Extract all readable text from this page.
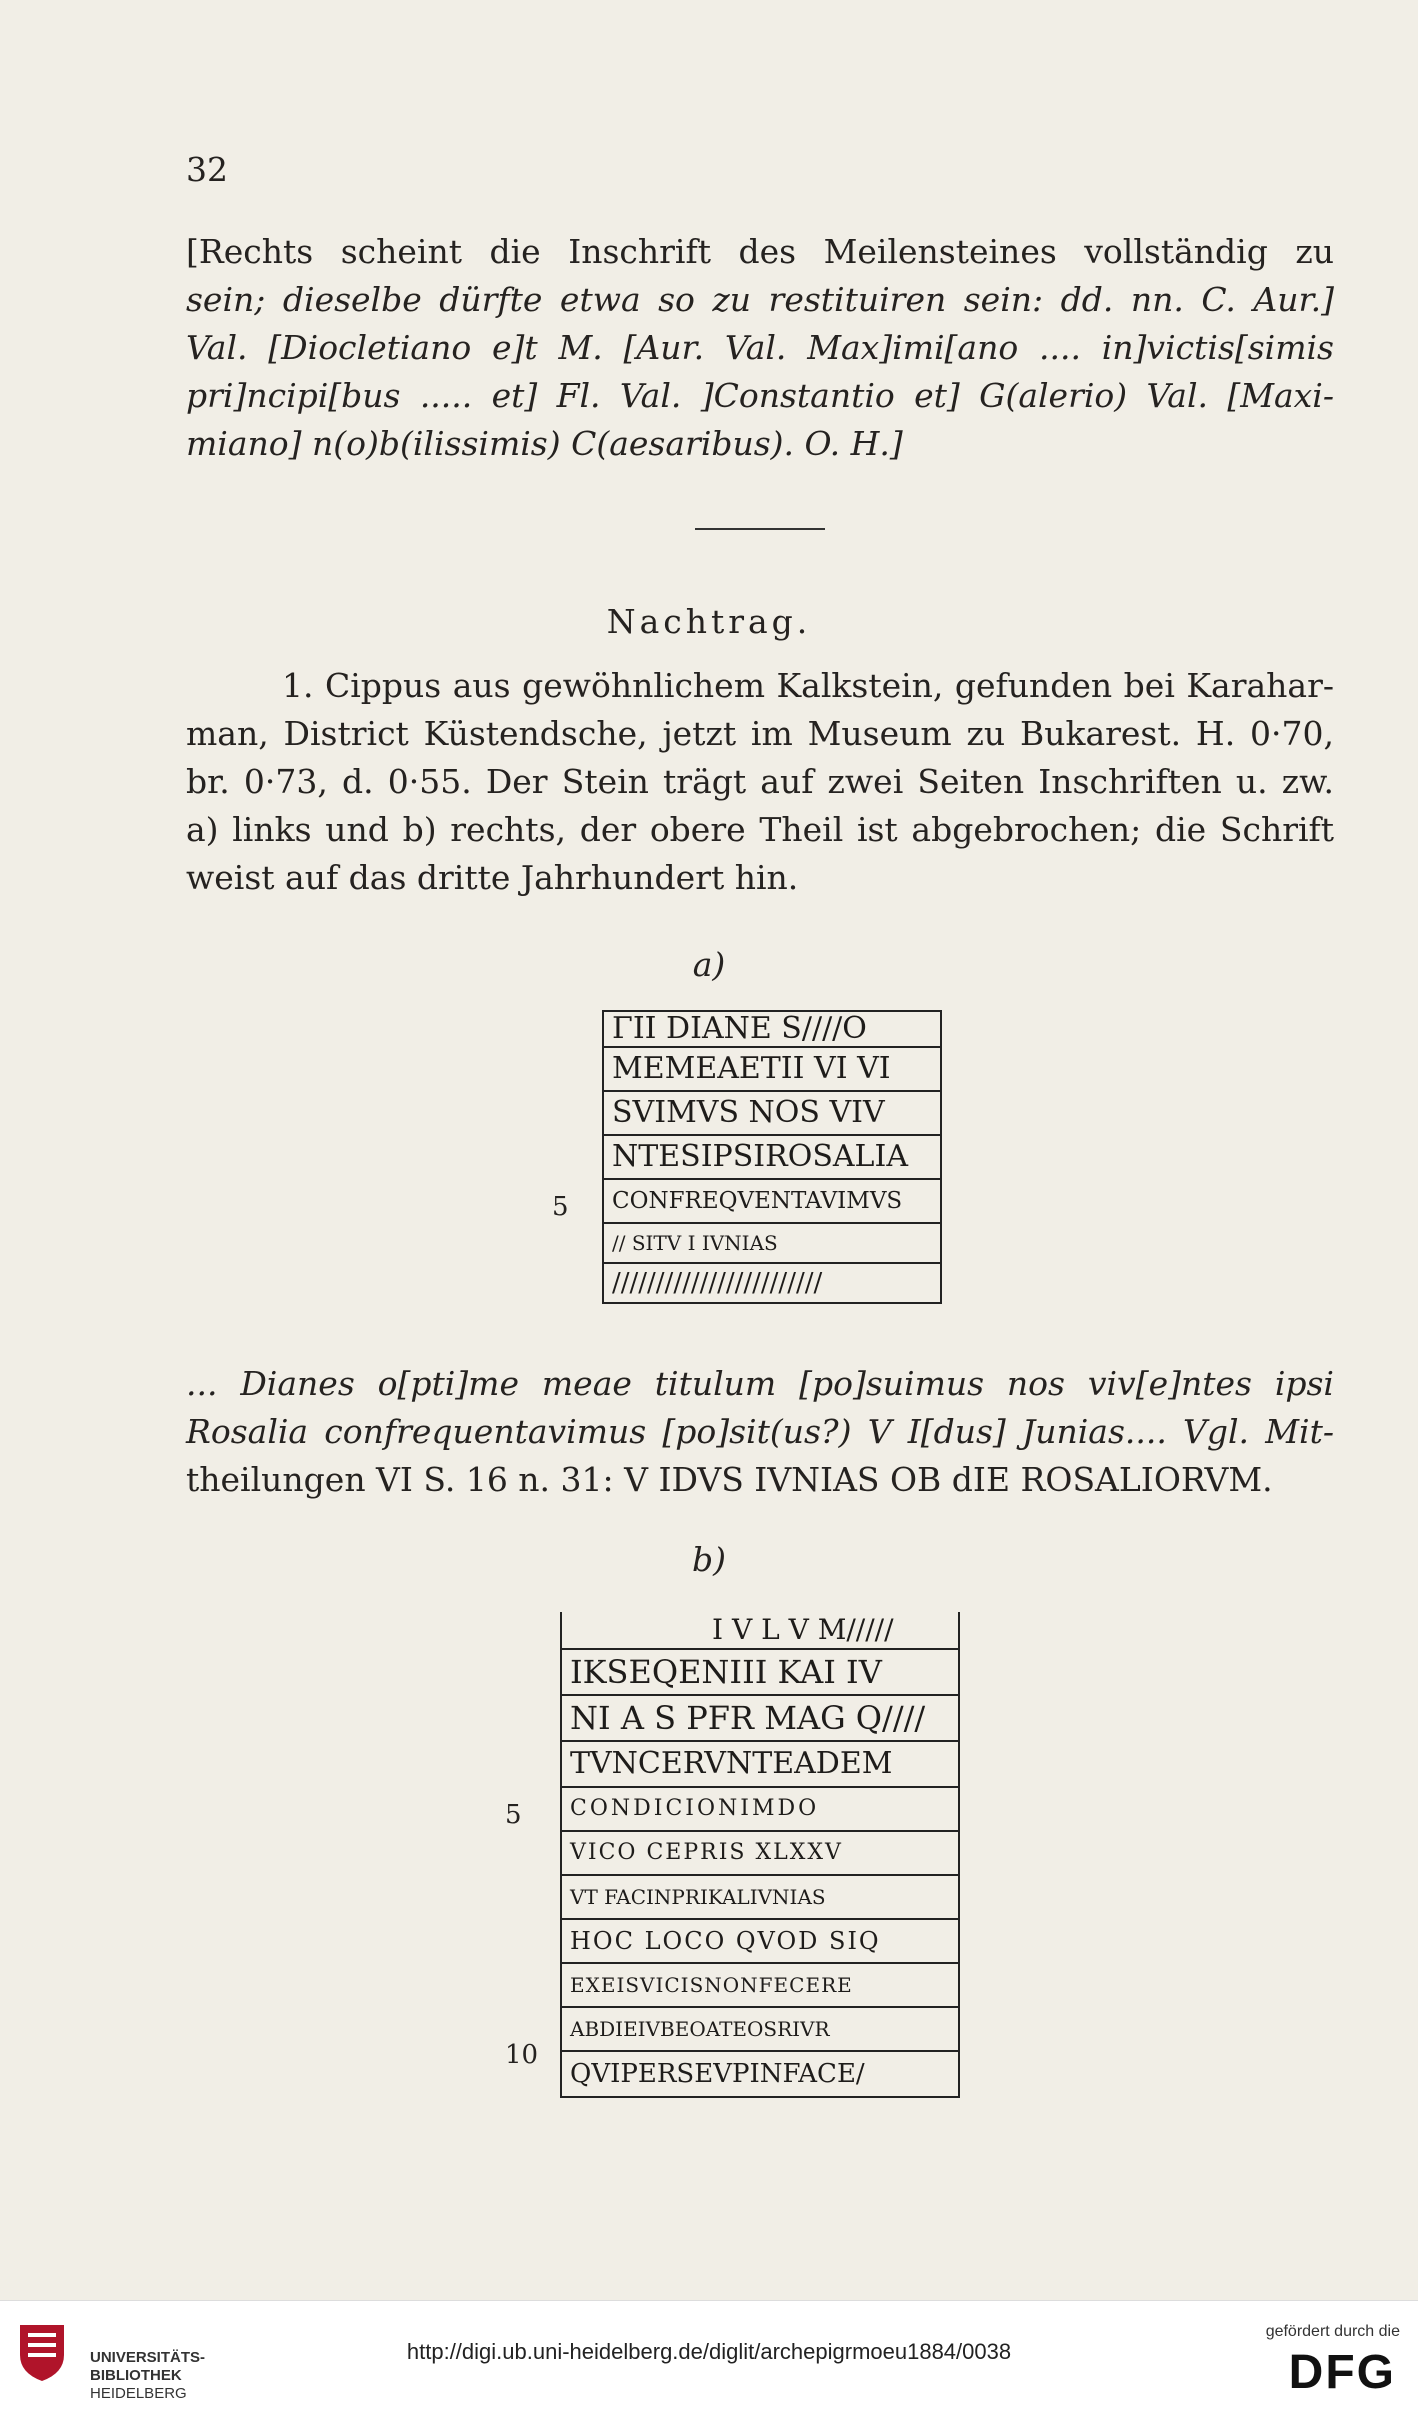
32
[Rechts scheint die Inschrift des Meilensteines vollständig zu
sein; dieselbe dürfte etwa so zu restituiren sein: dd. nn. C. Aur.]
Val. [Diocletiano e]t M. [Aur. Val. Max]imi[ano .... in]victis[simis
pri]ncipi[bus ..... et] Fl. Val. ]Constantio et] G(alerio) Val. [Maxi-
miano] n(o)b(ilissimis) C(aesaribus). O. H.]
Nachtrag.
1. Cippus aus gewöhnlichem Kalkstein, gefunden bei Karahar-
man, District Küstendsche, jetzt im Museum zu Bukarest. H. 0·70,
br. 0·73, d. 0·55. Der Stein trägt auf zwei Seiten Inschriften u. zw.
a) links und b) rechts, der obere Theil ist abgebrochen; die Schrift
weist auf das dritte Jahrhundert hin.
a)
ΓΙΙ DIANE S////O
MEMEAETII VI VI
SVIMVS NOS VIV
NTESIPSIROSALIA
CONFREQVENTAVIMVS
// SITV I IVNIAS
////////////////////////
5
... Dianes o[pti]me meae titulum [po]suimus nos viv[e]ntes ipsi
Rosalia confrequentavimus [po]sit(us?) V I[dus] Junias.... Vgl. Mit-
theilungen VI S. 16 n. 31: V IDVS IVNIAS OB dIE ROSALIORVM.
b)
I V L V M/////
IKSEQENIII KAI IV
NI A S PFR MAG Q////
TVNCERVNTEADEM
CONDICIONIMDO
VICO CEPRIS XLXXV
VT FACINPRIKALIVNIAS
HOC LOCO QVOD SIQ
EXEISVICISNONFECERE
ABDIEIVBEOATEOSRIVR
QVIPERSEVPINFACE/
5
10
UNIVERSITÄTS-
BIBLIOTHEK
HEIDELBERG
http://digi.ub.uni-heidelberg.de/diglit/archepigrmoeu1884/0038
gefördert durch die
DFG
